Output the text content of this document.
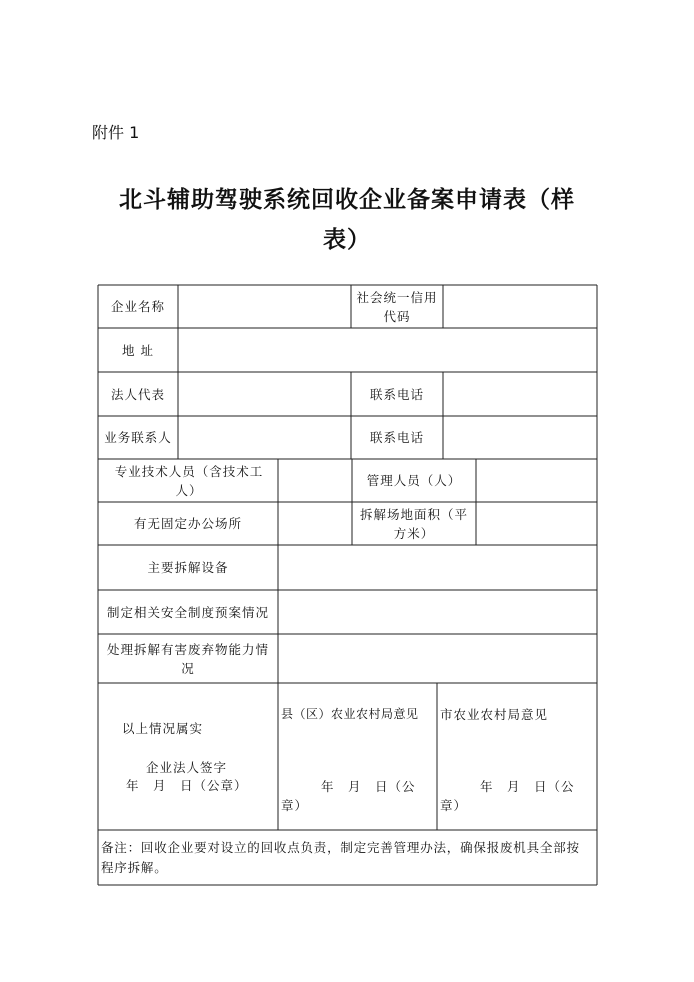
附件 1
北斗辅助驾驶系统回收企业备案申请表（样
表）
企业名称
社会统一信用代码
地 址
法人代表	联系电话
业务联系人	联系电话
专业技术人员（含技术工人）
管理人员（人）
有无固定办公场所
拆解场地面积（平方米）
主要拆解设备
制定相关安全制度预案情况
处理拆解有害废弃物能力情况
以上情况属实
企业法人签字
年　月　日（公章）
县（区）农业农村局意见
年　月　日（公章）
市农业农村局意见
年　月　日（公章）
备注：回收企业要对设立的回收点负责，制定完善管理办法，确保报废机具全部按程序拆解。
